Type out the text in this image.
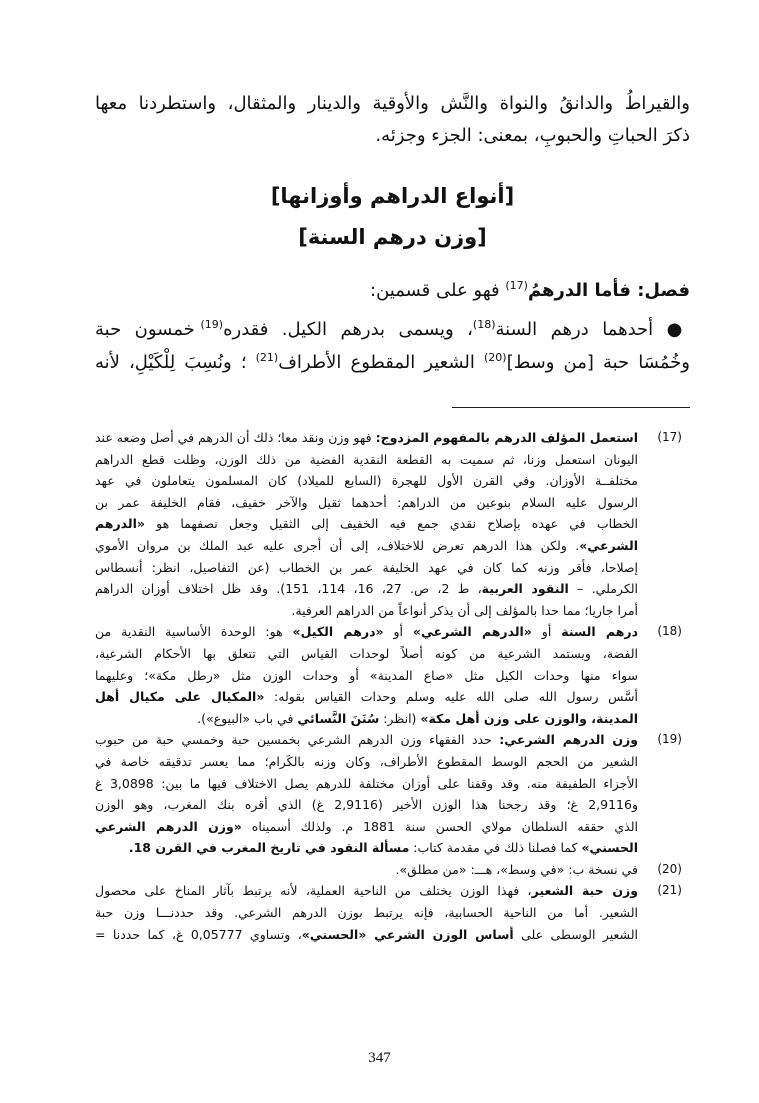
والقيراطُ والدانقُ والنواة والنَّش والأوقية والدينار والمثقال، واستطردنا معها
ذكرَ الحباتِ والحبوبِ، بمعنى: الجزء وجزئه.
[أنواع الدراهم وأوزانها]
[وزن درهم السنة]
فصل: فأما الدرهمُ$^{(17)}$ فهو على قسمين:
● أحدهما درهم السنة$^{(18)}$، ويسمى بدرهم الكيل. فقدره$^{(19)}$ خمسون حبة
وخُمُسَا حبة [من وسط]$^{(20)}$ الشعير المقطوع الأطراف$^{(21)}$ ؛ ونُسِبَ لِلْكَيْلِ، لأنه
(17)
استعمل المؤلف الدرهم بالمفهوم المزدوج: فهو وزن ونقد معا؛ ذلك أن الدرهم في أصل وضعه عند
اليونان استعمل وزنا، ثم سميت به القطعة النقدية الفضية من ذلك الوزن، وظلت قطع الدراهم
مختلفــة الأوزان. وفي القرن الأول للهجرة (السابع للميلاد) كان المسلمون يتعاملون في عهد
الرسول عليه السلام بنوعين من الدراهم: أحدهما ثقيل والآخر خفيف، فقام الخليفة عمر بن
الخطاب في عهده بإصلاح نقدي جمع فيه الخفيف إلى الثقيل وجعل نصفهما هو «الدرهم
الشرعي». ولكن هذا الدرهم تعرض للاختلاف، إلى أن أجرى عليه عبد الملك بن مروان الأموي
إصلاحا، فأقر وزنه كما كان في عهد الخليفة عمر بن الخطاب (عن التفاصيل، انظر: أنسطاس
الكرملي. – النقود العربية، ط 2، ص. 27، 16، 114، 151). وقد ظل اختلاف أوزان الدراهم
أمرا جاريا؛ مما حدا بالمؤلف إلى أن يذكر أنواعاً من الدراهم العرفية.
(18)
درهم السنة أو «الدرهم الشرعي» أو «درهم الكيل» هو: الوحدة الأساسية النقدية من
الفضة، ويستمد الشرعية من كونه أصلاً لوحدات القياس التي تتعلق بها الأحكام الشرعية،
سواء منها وحدات الكيل مثل «صاع المدينة» أو وحدات الوزن مثل «رطل مكة»؛ وعليهما
أسَّس رسول الله صلى الله عليه وسلم وحدات القياس بقوله: «المكيال على مكيال أهل
المدينة، والوزن على وزن أهل مكة» (انظر: سُنَنَ النَّسائي في باب «البيوع»).
(19)
وزن الدرهم الشرعي: حدد الفقهاء وزن الدرهم الشرعي بخمسين حبة وخمسي حبة من حبوب
الشعير من الحجم الوسط المقطوع الأطراف، وكان وزنه بالكَرام؛ مما يعسر تدقيقه خاصة في
الأجزاء الطفيفة منه. وقد وقفنا على أوزان مختلفة للدرهم يصل الاختلاف فيها ما بين: 3,0898 غ
و2,9116 غ؛ وقد رجحنا هذا الوزن الأخير (2,9116 غ) الذي أقره بنك المغرب، وهو الوزن
الذي حققه السلطان مولاي الحسن سنة 1881 م. ولذلك أسميناه «وزن الدرهم الشرعي
الحسني» كما فصلنا ذلك في مقدمة كتاب: مسألة النقود في تاريخ المغرب في القرن 18.
(20)
في نسخة ب: «في وسط»، هـــ: «من مطلق».
(21)
وزن حبة الشعير، فهذا الوزن يختلف من الناحية العملية، لأنه يرتبط بآثار المناخ على محصول
الشعير. أما من الناحية الحسابية، فإنه يرتبط بوزن الدرهم الشرعي. وقد حددنـــا وزن حبة
الشعير الوسطى على أساس الوزن الشرعي «الحسني»، وتساوي 0,05777 غ، كما حددنا =
347
